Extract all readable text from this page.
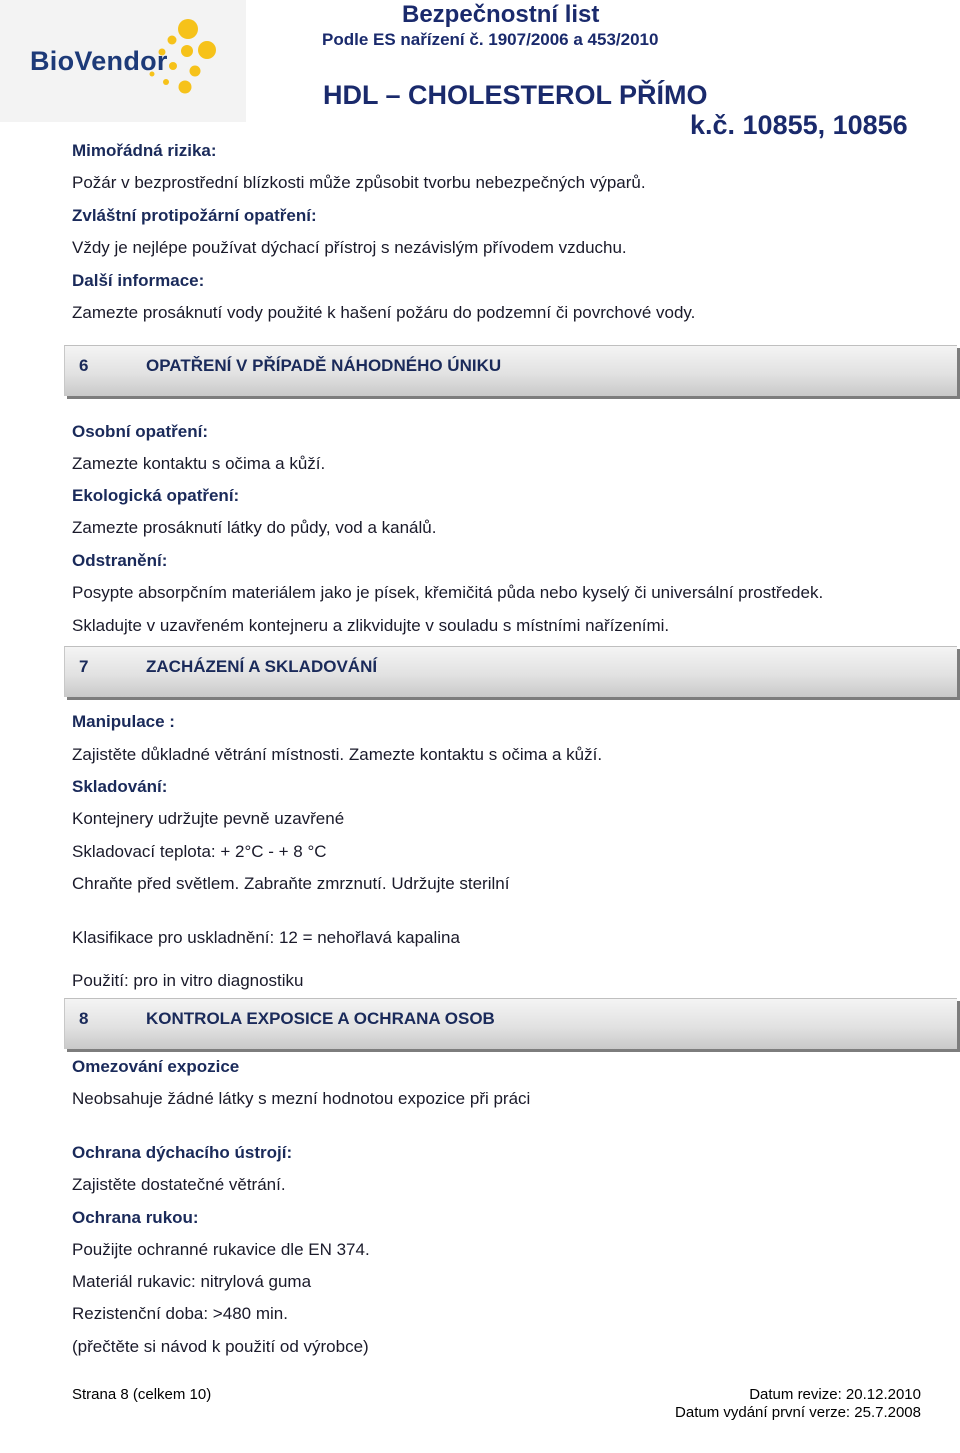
BioVendor
Bezpečnostní list
Podle ES nařízení č. 1907/2006 a 453/2010
HDL – CHOLESTEROL PŘÍMO
k.č. 10855, 10856
Mimořádná rizika:
Požár v bezprostřední blízkosti může způsobit tvorbu nebezpečných výparů.
Zvláštní protipožární opatření:
Vždy je nejlépe používat dýchací přístroj s nezávislým přívodem vzduchu.
Další informace:
Zamezte prosáknutí vody použité k hašení požáru do podzemní či povrchové vody.
6	OPATŘENÍ V PŘÍPADĚ NÁHODNÉHO ÚNIKU
Osobní opatření:
Zamezte kontaktu s očima a kůží.
Ekologická opatření:
Zamezte prosáknutí látky do půdy, vod a kanálů.
Odstranění:
Posypte absorpčním materiálem jako je písek, křemičitá půda nebo kyselý či universální prostředek.
Skladujte v uzavřeném kontejneru a zlikvidujte v souladu s místními nařízeními.
7	ZACHÁZENÍ A SKLADOVÁNÍ
Manipulace :
Zajistěte důkladné větrání místnosti. Zamezte kontaktu s očima a kůží.
Skladování:
Kontejnery udržujte pevně uzavřené
Skladovací teplota: + 2°C - + 8 °C
Chraňte před světlem. Zabraňte zmrznutí. Udržujte sterilní
Klasifikace pro uskladnění: 12 = nehořlavá kapalina
Použití: pro in vitro diagnostiku
8	KONTROLA EXPOSICE A OCHRANA OSOB
Omezování expozice
Neobsahuje žádné látky s mezní hodnotou expozice při práci
Ochrana dýchacího ústrojí:
Zajistěte dostatečné větrání.
Ochrana rukou:
Použijte ochranné rukavice dle EN 374.
Materiál rukavic: nitrylová guma
Rezistenční doba: >480 min.
(přečtěte si návod k použití od výrobce)
Strana 8 (celkem 10)	Datum revize: 20.12.2010
Datum vydání první verze: 25.7.2008
